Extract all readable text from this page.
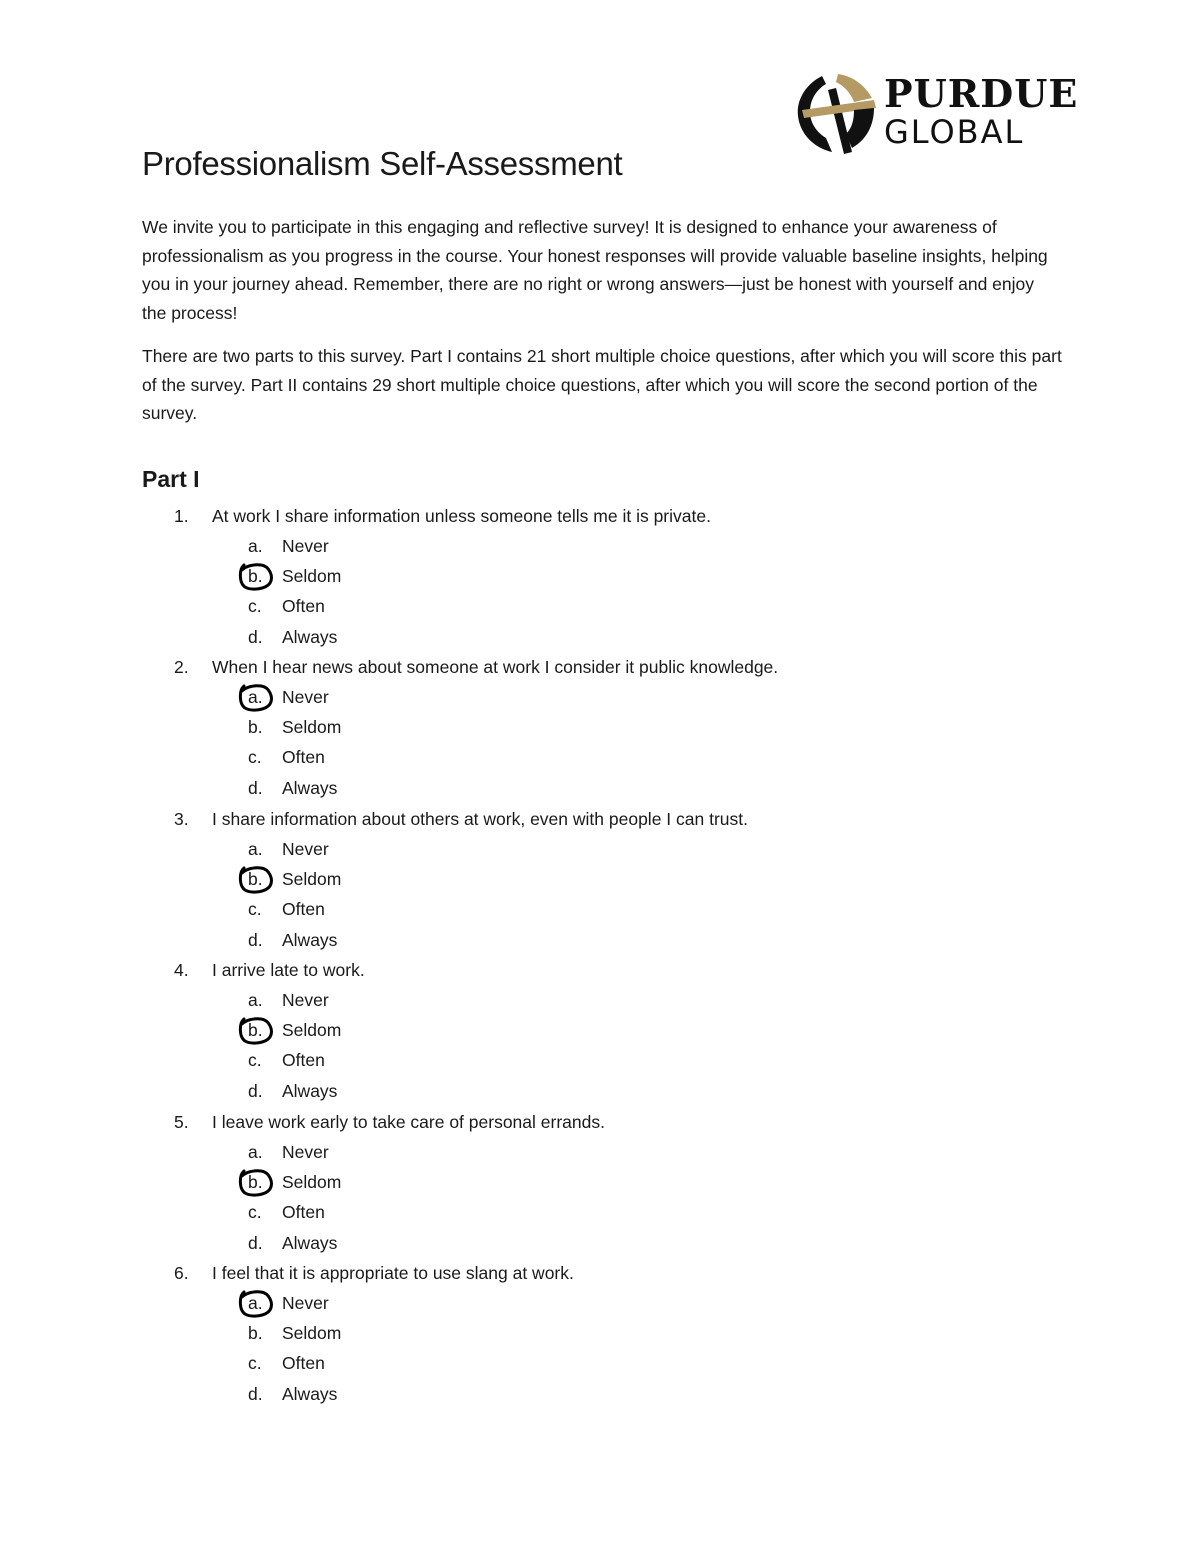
PURDUE
GLOBAL
Professionalism Self-Assessment

We invite you to participate in this engaging and reflective survey! It is designed to enhance your awareness of professionalism as you progress in the course. Your honest responses will provide valuable baseline insights, helping you in your journey ahead. Remember, there are no right or wrong answers—just be honest with yourself and enjoy the process!

There are two parts to this survey. Part I contains 21 short multiple choice questions, after which you will score this part of the survey. Part II contains 29 short multiple choice questions, after which you will score the second portion of the survey.

Part I
1. At work I share information unless someone tells me it is private.
a.	Never
b.	Seldom
c.	Often
d.	Always
2. When I hear news about someone at work I consider it public knowledge.
a.	Never
b.	Seldom
c.	Often
d.	Always
3. I share information about others at work, even with people I can trust.
a.	Never
b.	Seldom
c.	Often
d.	Always
4. I arrive late to work.
a.	Never
b.	Seldom
c.	Often
d.	Always
5. I leave work early to take care of personal errands.
a.	Never
b.	Seldom
c.	Often
d.	Always
6. I feel that it is appropriate to use slang at work.
a.	Never
b.	Seldom
c.	Often
d.	Always
